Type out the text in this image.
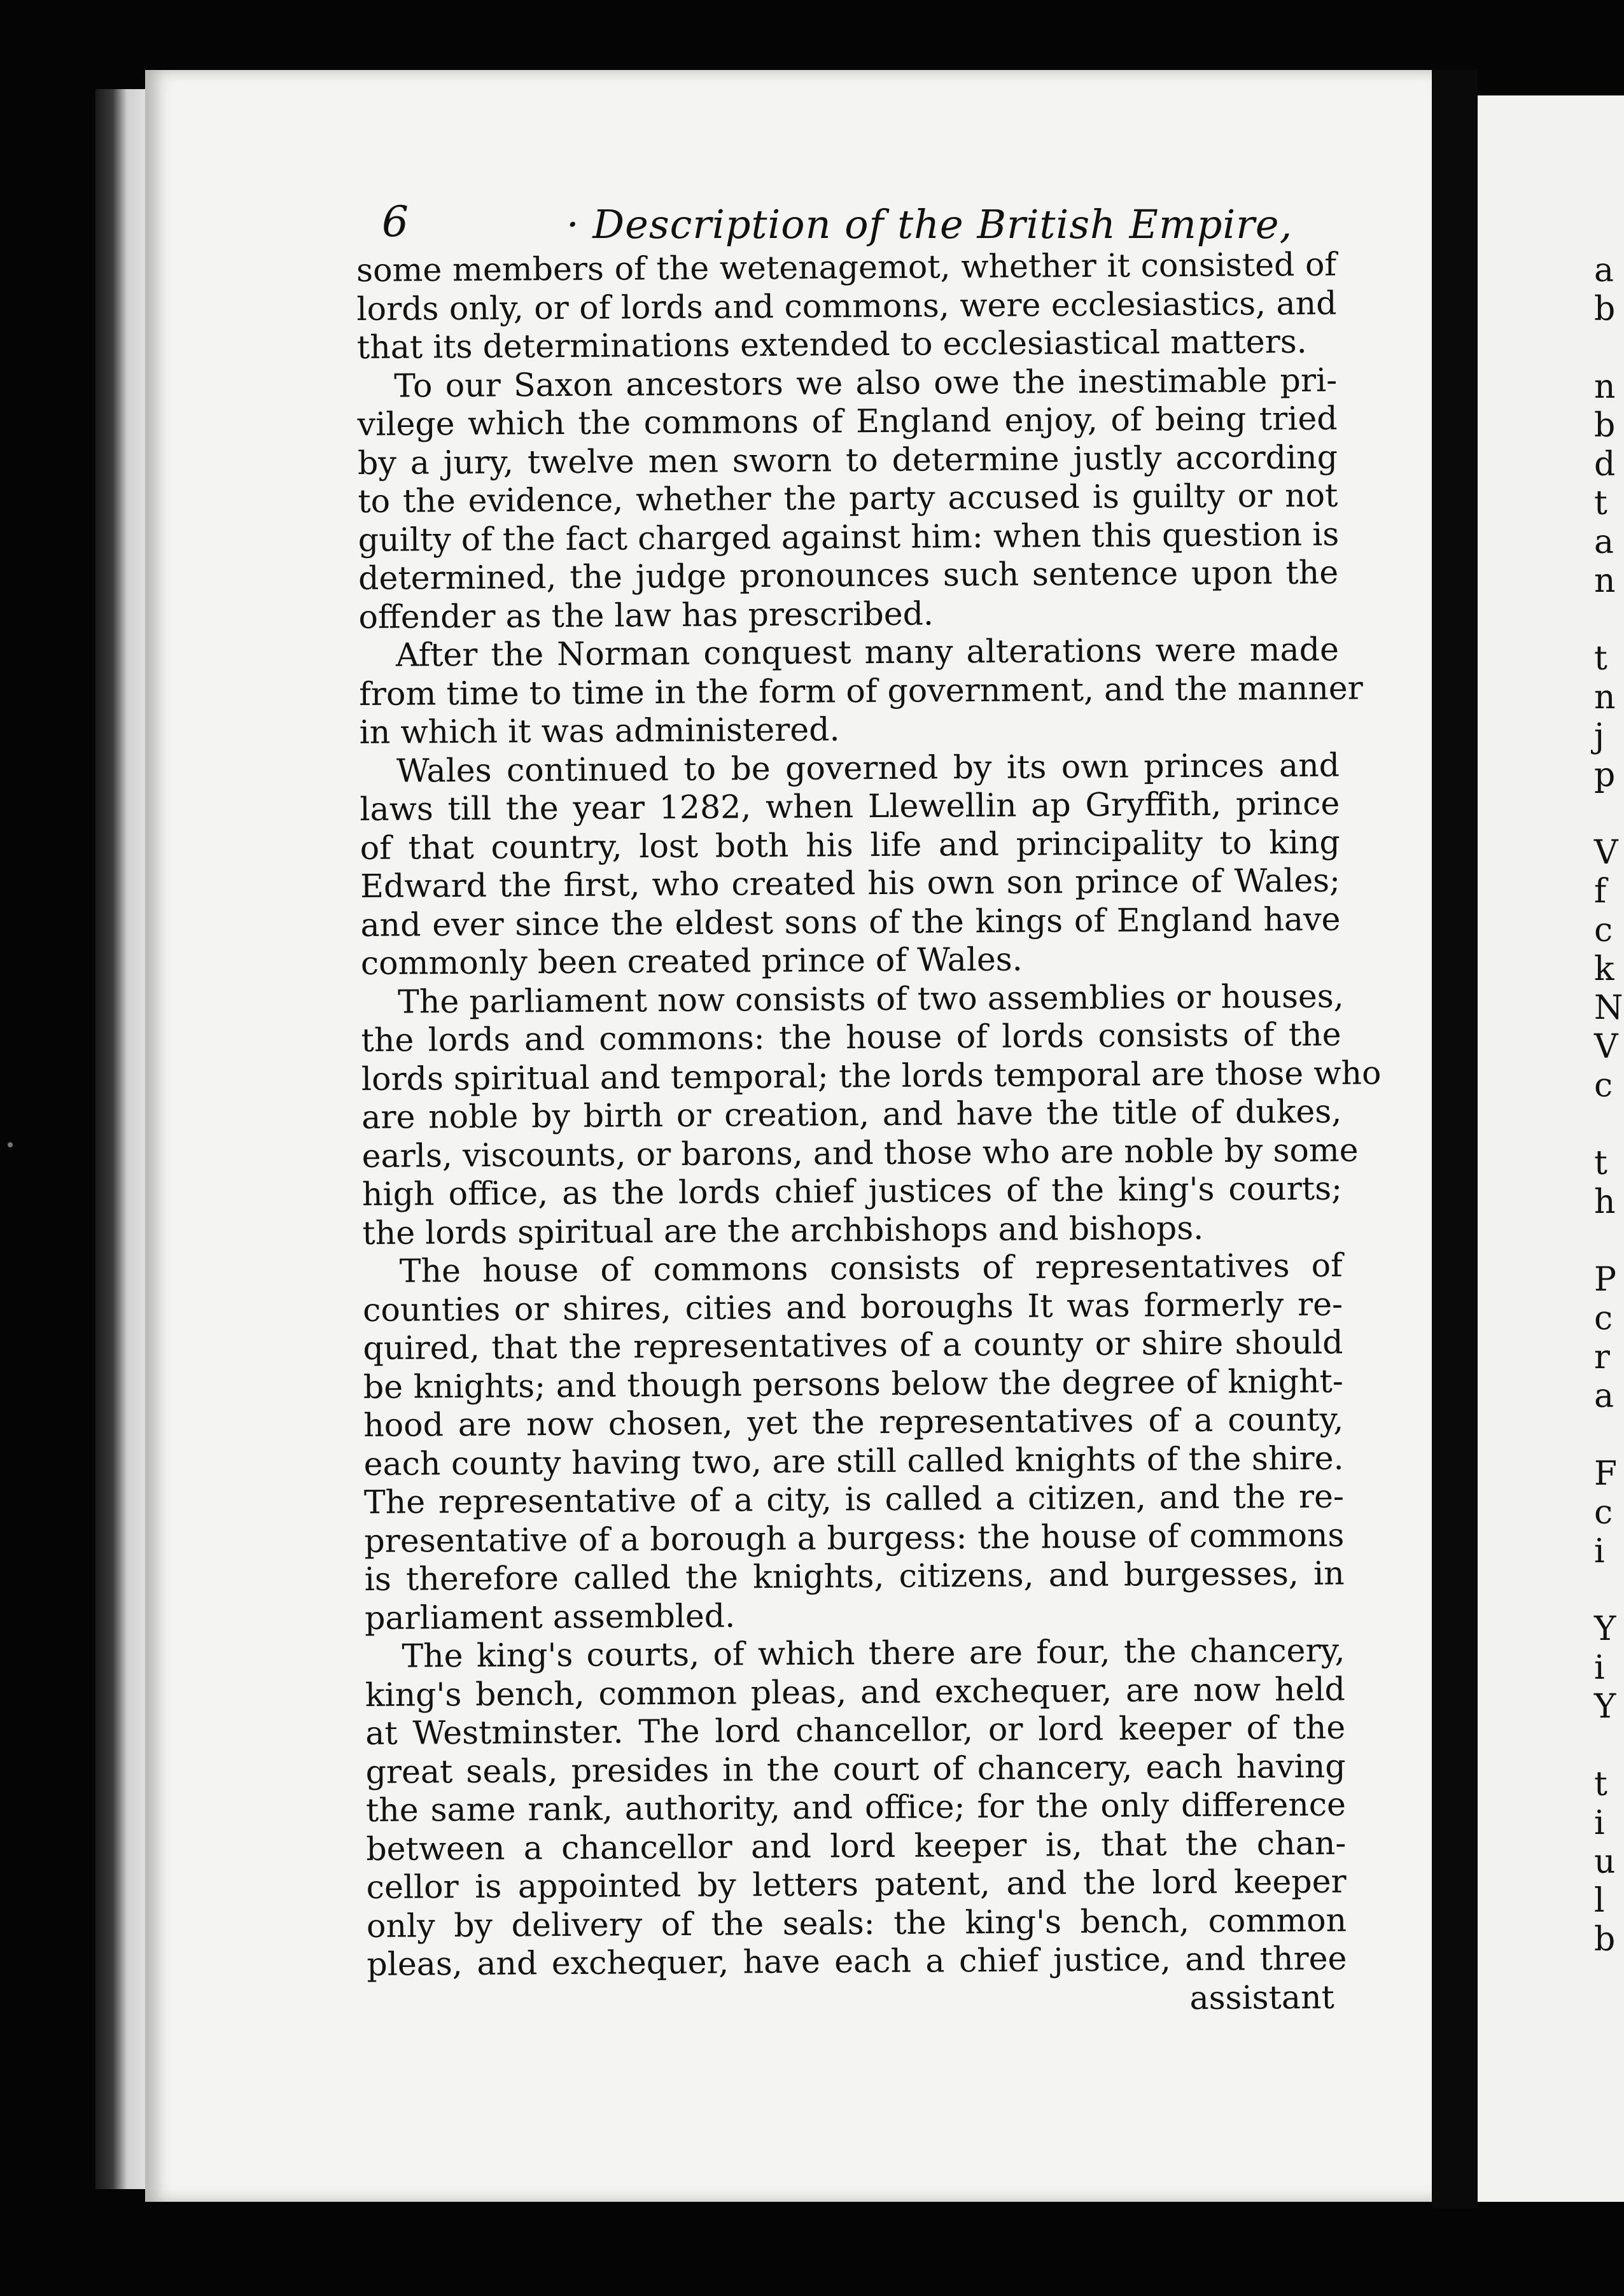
6	· Description of the British Empire,
some members of the wetenagemot, whether it consisted of
lords only, or of lords and commons, were ecclesiastics, and
that its determinations extended to ecclesiastical matters.
To our Saxon ancestors we also owe the inestimable pri-
vilege which the commons of England enjoy, of being tried
by a jury, twelve men sworn to determine justly according
to the evidence, whether the party accused is guilty or not
guilty of the fact charged against him: when this question is
determined, the judge pronounces such sentence upon the
offender as the law has prescribed.
After the Norman conquest many alterations were made
from time to time in the form of government, and the manner
in which it was administered.
Wales continued to be governed by its own princes and
laws till the year 1282, when Llewellin ap Gryffith, prince
of that country, lost both his life and principality to king
Edward the first, who created his own son prince of Wales;
and ever since the eldest sons of the kings of England have
commonly been created prince of Wales.
The parliament now consists of two assemblies or houses,
the lords and commons: the house of lords consists of the
lords spiritual and temporal; the lords temporal are those who
are noble by birth or creation, and have the title of dukes,
earls, viscounts, or barons, and those who are noble by some
high office, as the lords chief justices of the king's courts;
the lords spiritual are the archbishops and bishops.
The house of commons consists of representatives of
counties or shires, cities and boroughs It was formerly re-
quired, that the representatives of a county or shire should
be knights; and though persons below the degree of knight-
hood are now chosen, yet the representatives of a county,
each county having two, are still called knights of the shire.
The representative of a city, is called a citizen, and the re-
presentative of a borough a burgess: the house of commons
is therefore called the knights, citizens, and burgesses, in
parliament assembled.
The king's courts, of which there are four, the chancery,
king's bench, common pleas, and exchequer, are now held
at Westminster. The lord chancellor, or lord keeper of the
great seals, presides in the court of chancery, each having
the same rank, authority, and office; for the only difference
between a chancellor and lord keeper is, that the chan-
cellor is appointed by letters patent, and the lord keeper
only by delivery of the seals: the king's bench, common
pleas, and exchequer, have each a chief justice, and three
assistant
a
b
n
b
d
t
a
n
t
n
j
p
V
f
c
k
N
V
c
t
h
P
c
r
a
F
c
i
Y
i
Y
t
i
u
l
b
